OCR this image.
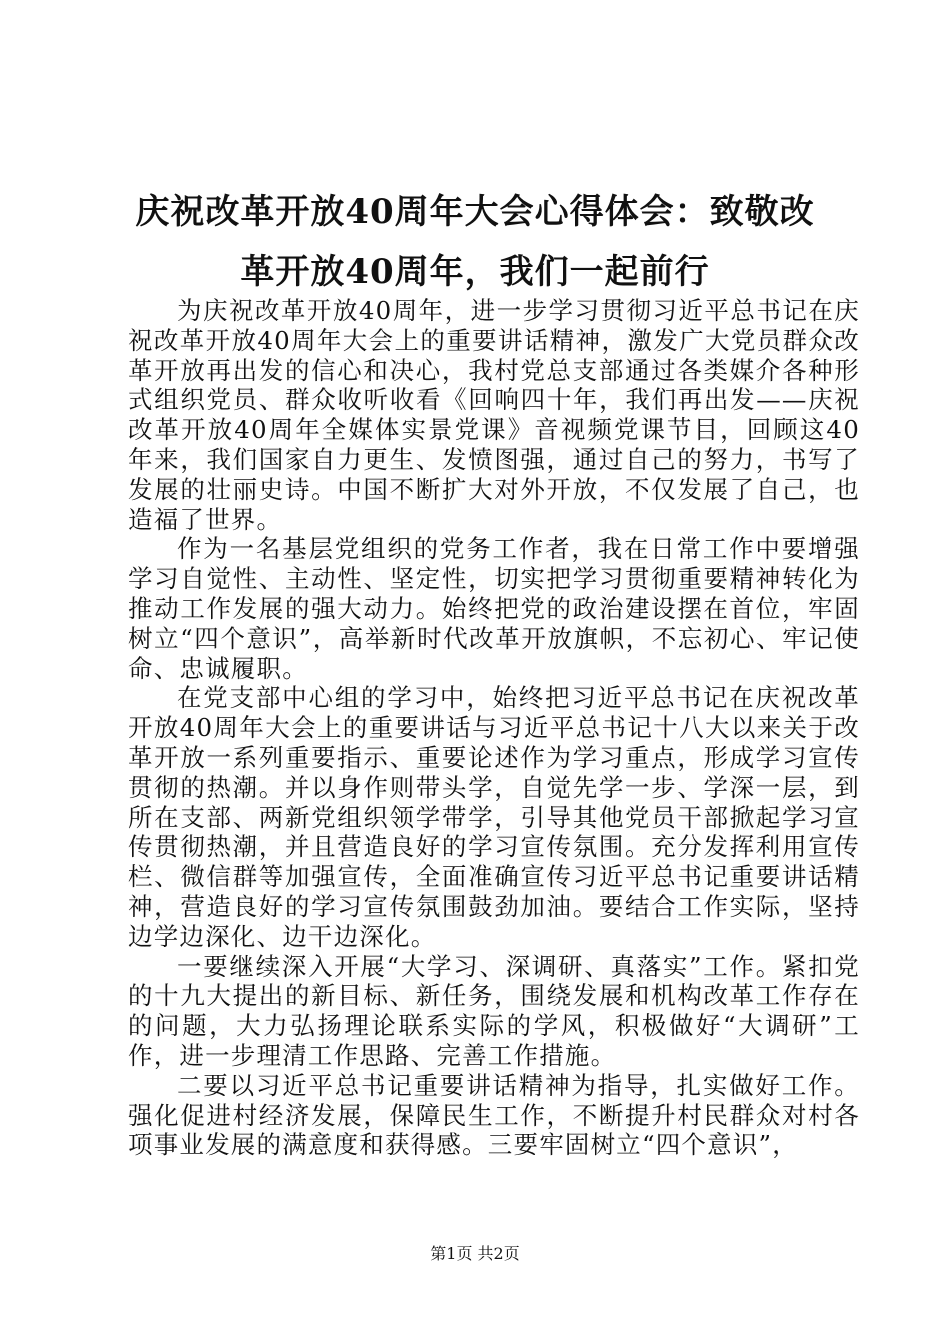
庆祝改革开放40周年大会心得体会：致敬改革开放40周年，我们一起前行

为庆祝改革开放40周年，进一步学习贯彻习近平总书记在庆祝改革开放40周年大会上的重要讲话精神，激发广大党员群众改革开放再出发的信心和决心，我村党总支部通过各类媒介各种形式组织党员、群众收听收看《回响四十年，我们再出发——庆祝改革开放40周年全媒体实景党课》音视频党课节目，回顾这40年来，我们国家自力更生、发愤图强，通过自己的努力，书写了发展的壮丽史诗。中国不断扩大对外开放，不仅发展了自己，也造福了世界。

作为一名基层党组织的党务工作者，我在日常工作中要增强学习自觉性、主动性、坚定性，切实把学习贯彻重要精神转化为推动工作发展的强大动力。始终把党的政治建设摆在首位，牢固树立“四个意识”，高举新时代改革开放旗帜，不忘初心、牢记使命、忠诚履职。

在党支部中心组的学习中，始终把习近平总书记在庆祝改革开放40周年大会上的重要讲话与习近平总书记十八大以来关于改革开放一系列重要指示、重要论述作为学习重点，形成学习宣传贯彻的热潮。并以身作则带头学，自觉先学一步、学深一层，到所在支部、两新党组织领学带学，引导其他党员干部掀起学习宣传贯彻热潮，并且营造良好的学习宣传氛围。充分发挥利用宣传栏、微信群等加强宣传，全面准确宣传习近平总书记重要讲话精神，营造良好的学习宣传氛围鼓劲加油。要结合工作实际，坚持边学边深化、边干边深化。

一要继续深入开展“大学习、深调研、真落实”工作。紧扣党的十九大提出的新目标、新任务，围绕发展和机构改革工作存在的问题，大力弘扬理论联系实际的学风，积极做好“大调研”工作，进一步理清工作思路、完善工作措施。

二要以习近平总书记重要讲话精神为指导，扎实做好工作。强化促进村经济发展，保障民生工作，不断提升村民群众对村各项事业发展的满意度和获得感。三要牢固树立“四个意识”，

第1页 共2页
